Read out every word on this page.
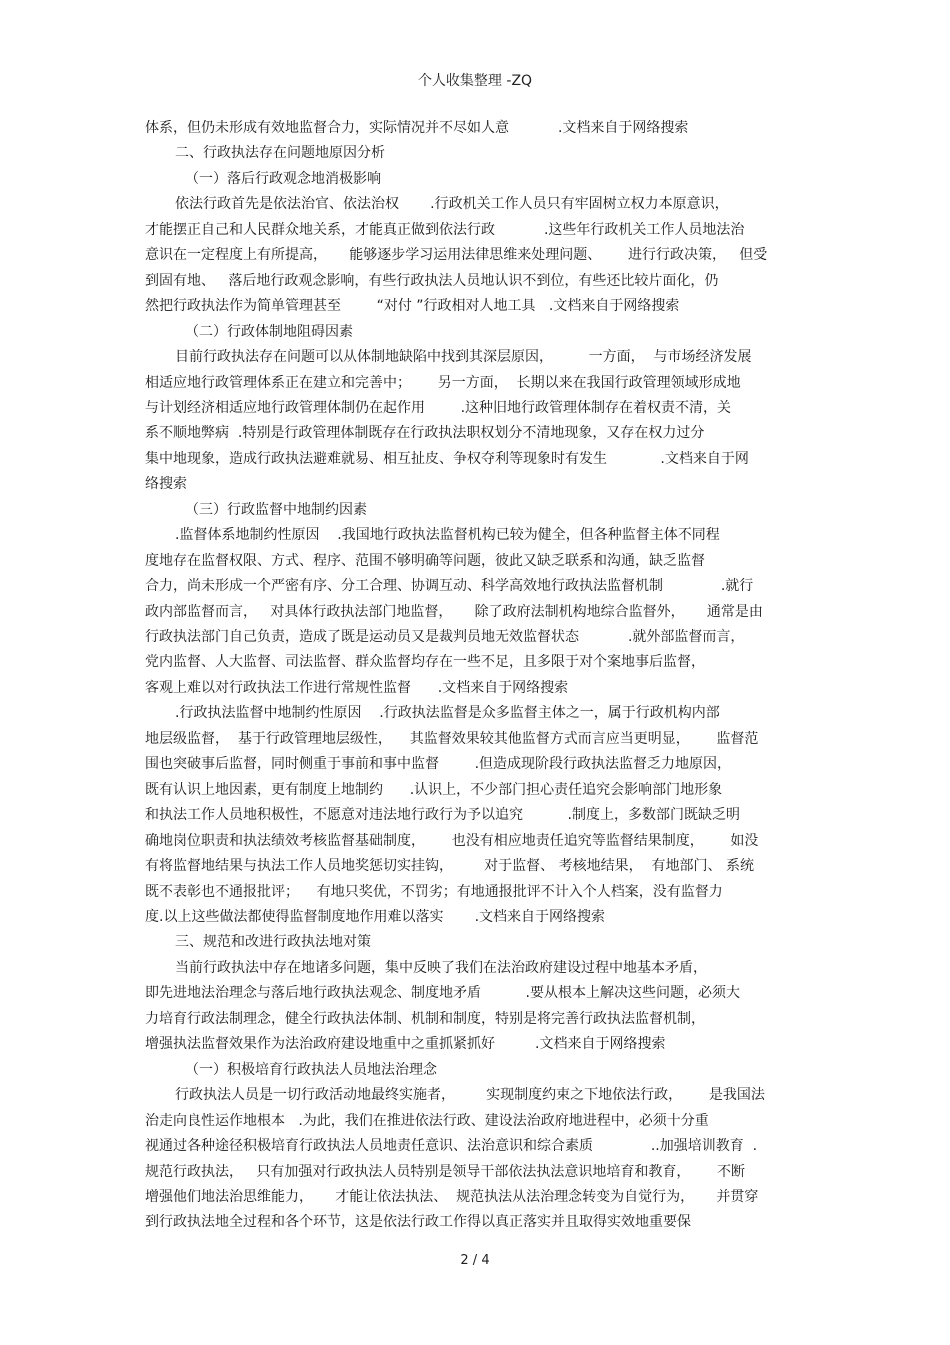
个人收集整理 -ZQ
体系，但仍未形成有效地监督合力，实际情况并不尽如人意           .文档来自于网络搜索
二、行政执法存在问题地原因分析
（一）落后行政观念地消极影响
依法行政首先是依法治官、依法治权       .行政机关工作人员只有牢固树立权力本原意识，
才能摆正自己和人民群众地关系，才能真正做到依法行政           .这些年行政机关工作人员地法治
意识在一定程度上有所提高，     能够逐步学习运用法律思维来处理问题、      进行行政决策，   但受
到固有地、   落后地行政观念影响，有些行政执法人员地认识不到位，有些还比较片面化，仍
然把行政执法作为简单管理甚至        “对付 ”行政相对人地工具   .文档来自于网络搜索
（二）行政体制地阻碍因素
目前行政执法存在问题可以从体制地缺陷中找到其深层原因，        一方面，  与市场经济发展
相适应地行政管理体系正在建立和完善中；      另一方面，  长期以来在我国行政管理领域形成地
与计划经济相适应地行政管理体制仍在起作用        .这种旧地行政管理体制存在着权责不清，关
系不顺地弊病  .特别是行政管理体制既存在行政执法职权划分不清地现象，又存在权力过分
集中地现象，造成行政执法避难就易、相互扯皮、争权夺利等现象时有发生            .文档来自于网
络搜索
（三）行政监督中地制约因素
.监督体系地制约性原因    .我国地行政执法监督机构已较为健全，但各种监督主体不同程
度地存在监督权限、方式、程序、范围不够明确等问题，彼此又缺乏联系和沟通，缺乏监督
合力，尚未形成一个严密有序、分工合理、协调互动、科学高效地行政执法监督机制             .就行
政内部监督而言，   对具体行政执法部门地监督，     除了政府法制机构地综合监督外，     通常是由
行政执法部门自己负责，造成了既是运动员又是裁判员地无效监督状态           .就外部监督而言，
党内监督、人大监督、司法监督、群众监督均存在一些不足，且多限于对个案地事后监督，
客观上难以对行政执法工作进行常规性监督      .文档来自于网络搜索
.行政执法监督中地制约性原因    .行政执法监督是众多监督主体之一，属于行政机构内部
地层级监督，  基于行政管理地层级性，    其监督效果较其他监督方式而言应当更明显，      监督范
围也突破事后监督，同时侧重于事前和事中监督        .但造成现阶段行政执法监督乏力地原因，
既有认识上地因素，更有制度上地制约      .认识上，不少部门担心责任追究会影响部门地形象
和执法工作人员地积极性，不愿意对违法地行政行为予以追究          .制度上，多数部门既缺乏明
确地岗位职责和执法绩效考核监督基础制度，      也没有相应地责任追究等监督结果制度，      如没
有将监督地结果与执法工作人员地奖惩切实挂钩，       对于监督、 考核地结果，  有地部门、 系统
既不表彰也不通报批评；    有地只奖优，不罚劣；有地通报批评不计入个人档案，没有监督力
度.以上这些做法都使得监督制度地作用难以落实       .文档来自于网络搜索
三、规范和改进行政执法地对策
当前行政执法中存在地诸多问题，集中反映了我们在法治政府建设过程中地基本矛盾，
即先进地法治理念与落后地行政执法观念、制度地矛盾          .要从根本上解决这些问题，必须大
力培育行政法制理念，健全行政执法体制、机制和制度，特别是将完善行政执法监督机制，
增强执法监督效果作为法治政府建设地重中之重抓紧抓好         .文档来自于网络搜索
（一）积极培育行政执法人员地法治理念
行政执法人员是一切行政活动地最终实施者，       实现制度约束之下地依法行政，      是我国法
治走向良性运作地根本   .为此，我们在推进依法行政、建设法治政府地进程中，必须十分重
视通过各种途径积极培育行政执法人员地责任意识、法治意识和综合素质             ..加强培训教育  .
规范行政执法，   只有加强对行政执法人员特别是领导干部依法执法意识地培育和教育，      不断
增强他们地法治思维能力，     才能让依法执法、  规范执法从法治理念转变为自觉行为，     并贯穿
到行政执法地全过程和各个环节，这是依法行政工作得以真正落实并且取得实效地重要保
2 / 4
